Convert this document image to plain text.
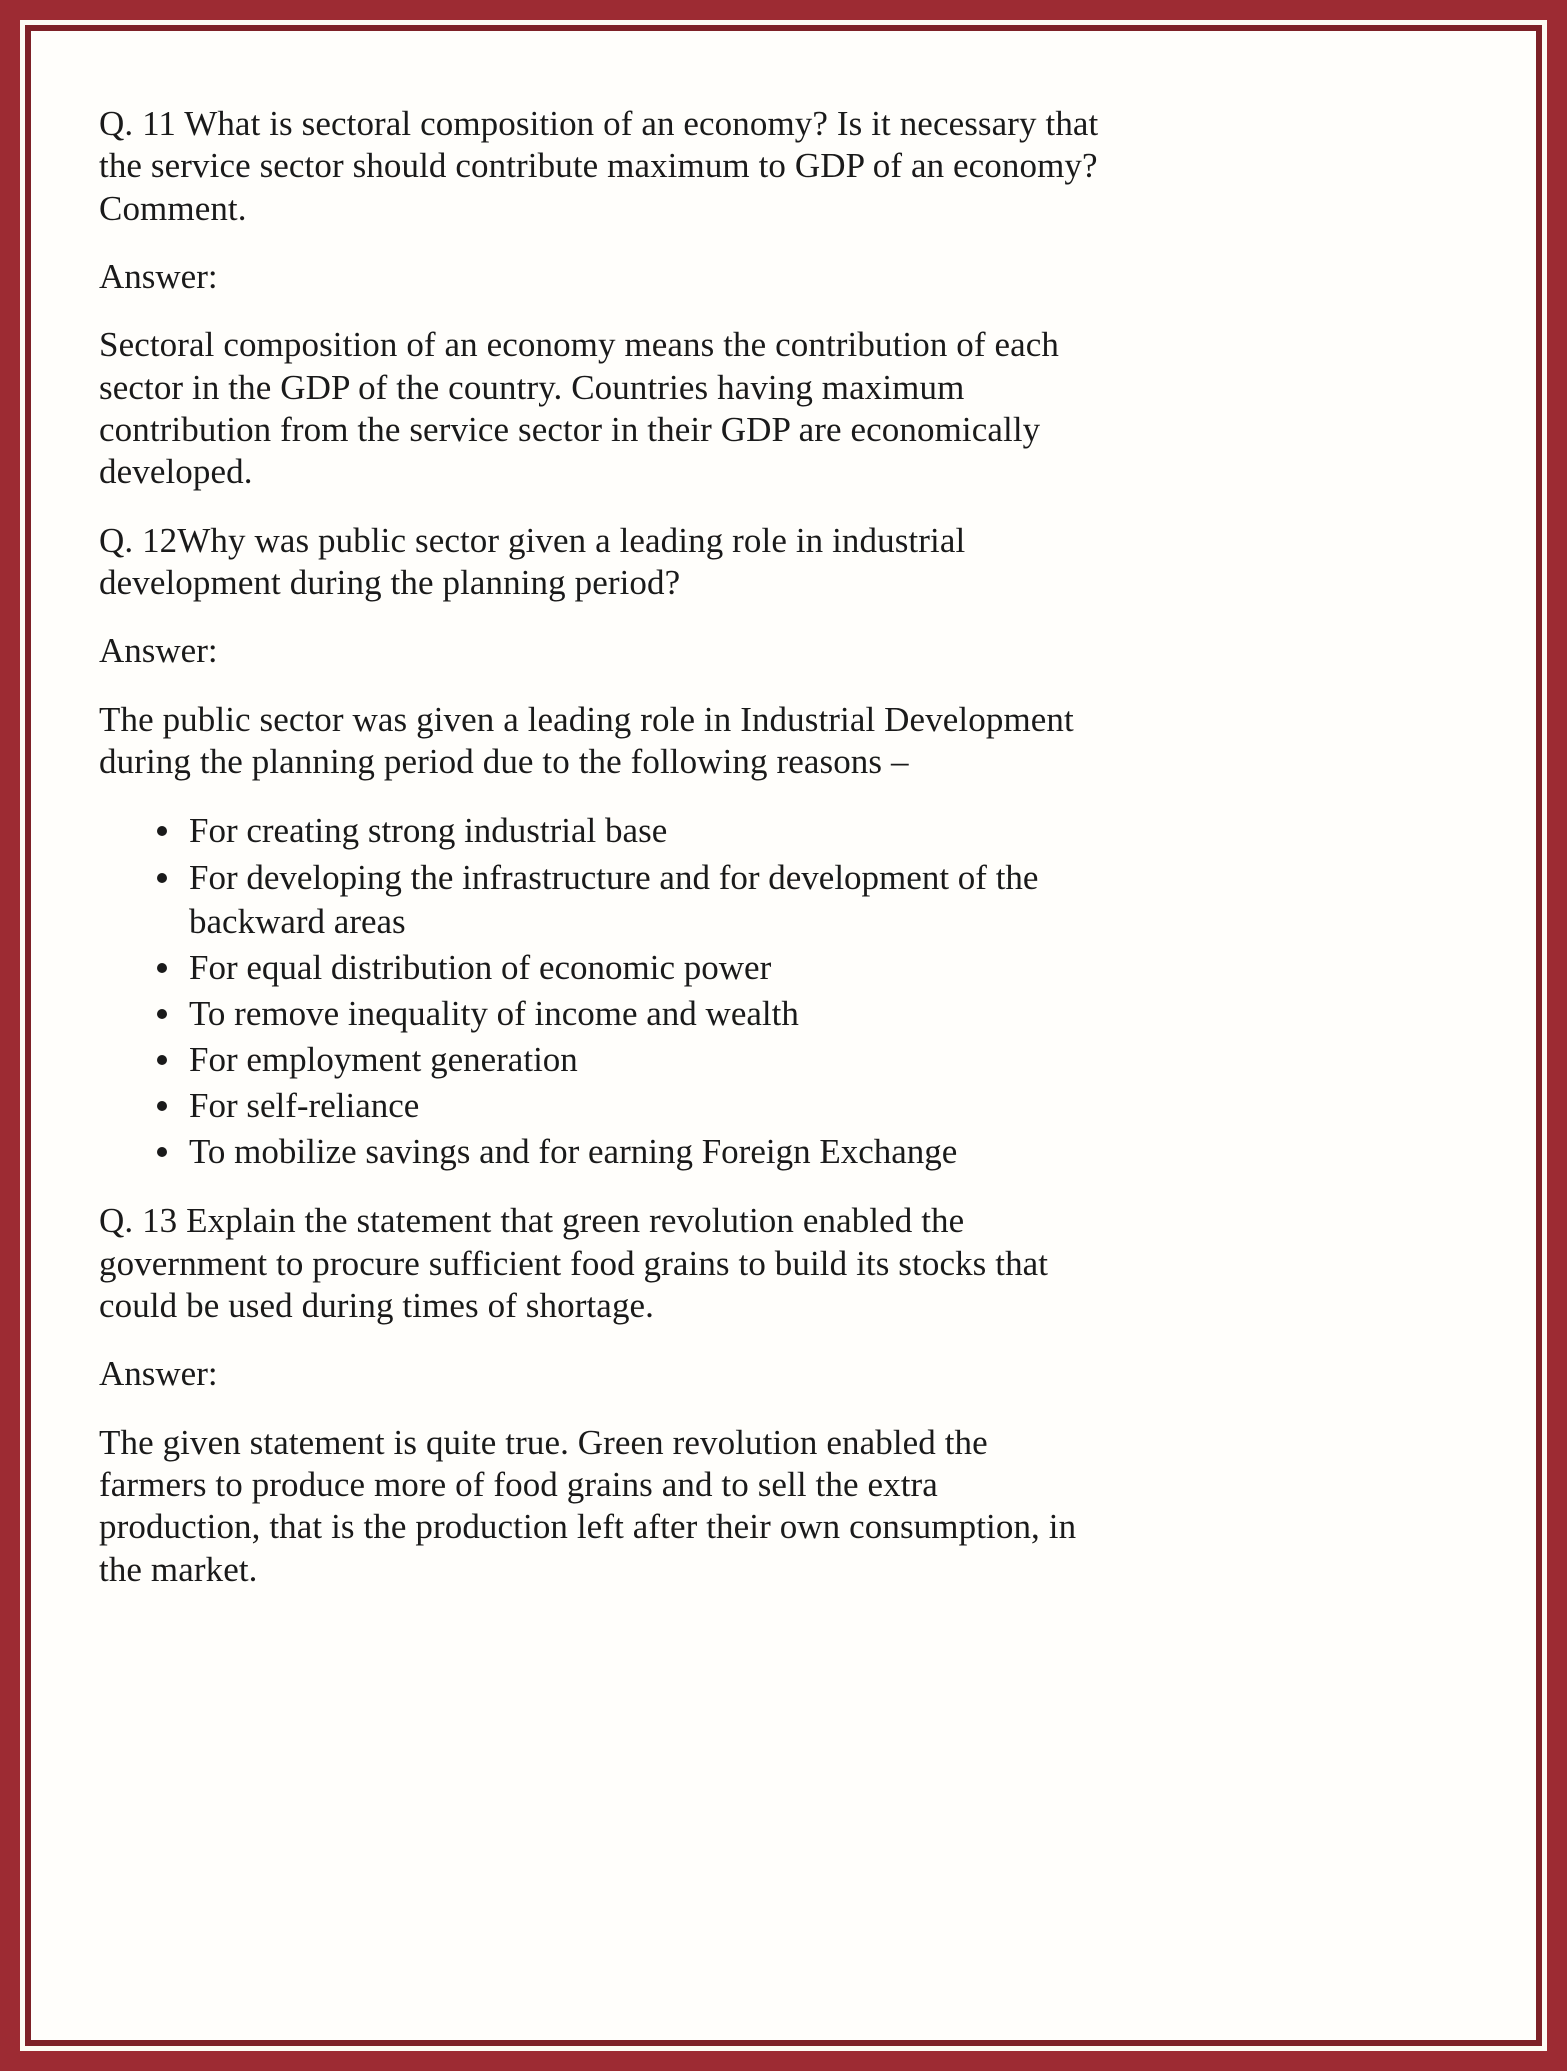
Q. 11 What is sectoral composition of an economy? Is it necessary that the service sector should contribute maximum to GDP of an economy? Comment.

Answer:

Sectoral composition of an economy means the contribution of each sector in the GDP of the country. Countries having maximum contribution from the service sector in their GDP are economically developed.

Q. 12Why was public sector given a leading role in industrial development during the planning period?

Answer:

The public sector was given a leading role in Industrial Development during the planning period due to the following reasons –

For creating strong industrial base
For developing the infrastructure and for development of the backward areas
For equal distribution of economic power
To remove inequality of income and wealth
For employment generation
For self-reliance
To mobilize savings and for earning Foreign Exchange

Q. 13 Explain the statement that green revolution enabled the government to procure sufficient food grains to build its stocks that could be used during times of shortage.

Answer:

The given statement is quite true. Green revolution enabled the farmers to produce more of food grains and to sell the extra production, that is the production left after their own consumption, in the market.
